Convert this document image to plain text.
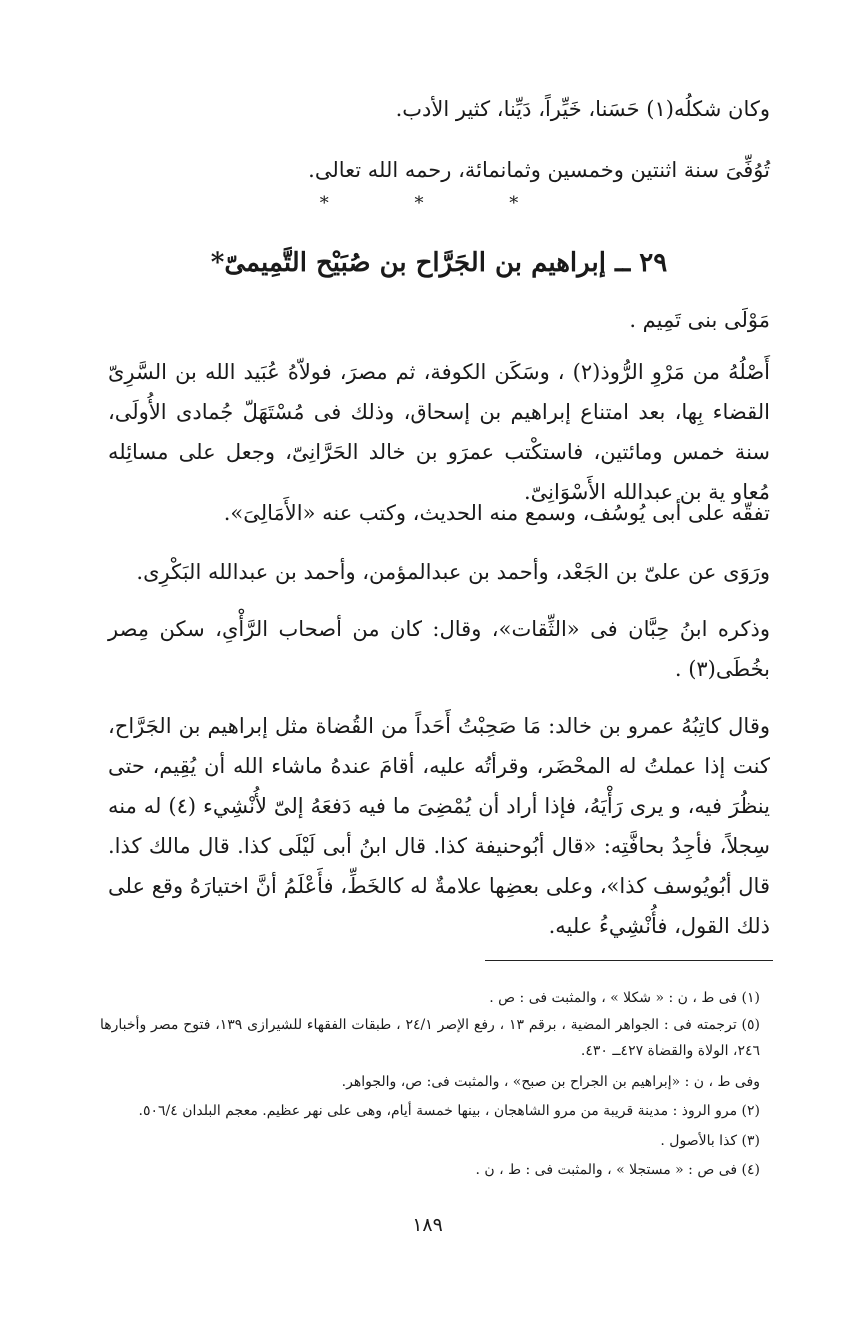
وكان شكلُه(١) حَسَنا، خَيِّراً، دَيِّنا، كثير الأدب.

تُوُفِّىَ سنة اثنتين وخمسين وثمانمائة، رحمه الله تعالى.

* * *

٢٩ ــ إبراهيم بن الجَرَّاح بن صُبَيْح التَّمِيمىّ*

مَوْلَى بنى تَمِيم .

أَصْلُهُ من مَرْوِ الرُّوذ(٢) ، وسَكَن الكوفة، ثم مصرَ، فولاّهُ عُبَيد الله بن السَّرِىّ القضاء بِها، بعد امتناع إبراهيم بن إسحاق، وذلك فى مُسْتَهَلّ جُمادى الأُولَى، سنة خمس ومائتين، فاستكْتب عمرَو بن خالد الحَرَّانِىّ، وجعل على مسائِله مُعاو ية بن عبدالله الأَسْوَانِىّ.

تفقّه على أبى يُوسُف، وسمع منه الحديث، وكتب عنه «الأَمَالِىَ».

ورَوَى عن علىّ بن الجَعْد، وأحمد بن عبدالمؤمن، وأحمد بن عبدالله البَكْرِى.

وذكره ابنُ حِبَّان فى «الثِّقات»، وقال: كان من أصحاب الرَّأْىِ، سكن مِصر بخُطَى(٣) .

وقال كاتِبُهُ عمرو بن خالد: مَا صَحِبْتُ أَحَداً من القُضاة مثل إبراهيم بن الجَرَّاح، كنت إذا عملتُ له المحْضَر، وقرأتُه عليه، أقامَ عندهُ ماشاء الله أن يُقِيم، حتى ينظُرَ فيه، و يرى رَأْيَهُ، فإذا أراد أن يُمْضِىَ ما فيه دَفعَهُ إلىّ لأُنْشِيء (٤) له منه سِجلاً، فأجِدُ بحافَّتِه: «قال أبُوحنيفة كذا. قال ابنُ أبى لَيْلَى كذا. قال مالك كذا. قال أبُويُوسف كذا»، وعلى بعضِها علامةٌ له كالخَطِّ، فأَعْلَمُ أنَّ اختيارَهُ وقع على ذلك القول، فأُنْشِيءُ عليه.

(١) فى ط ، ن : « شكلا » ، والمثبت فى : ص .

(٥) ترجمته فى : الجواهر المضية ، برقم ١٣ ، رفع الإصر ٢٤/١ ، طبقات الفقهاء للشيرازى ١٣٩، فتوح مصر وأخبارها ٢٤٦، الولاة والقضاة ٤٢٧ــ ٤٣٠.

وفى ط ، ن : «إبراهيم بن الجراح بن صبح» ، والمثبت فى: ص، والجواهر.

(٢) مرو الروذ : مدينة قريبة من مرو الشاهجان ، بينها خمسة أيام، وهى على نهر عظيم. معجم البلدان ٥٠٦/٤.

(٣) كذا بالأصول .

(٤) فى ص : « مستجلا » ، والمثبت فى : ط ، ن .

١٨٩
